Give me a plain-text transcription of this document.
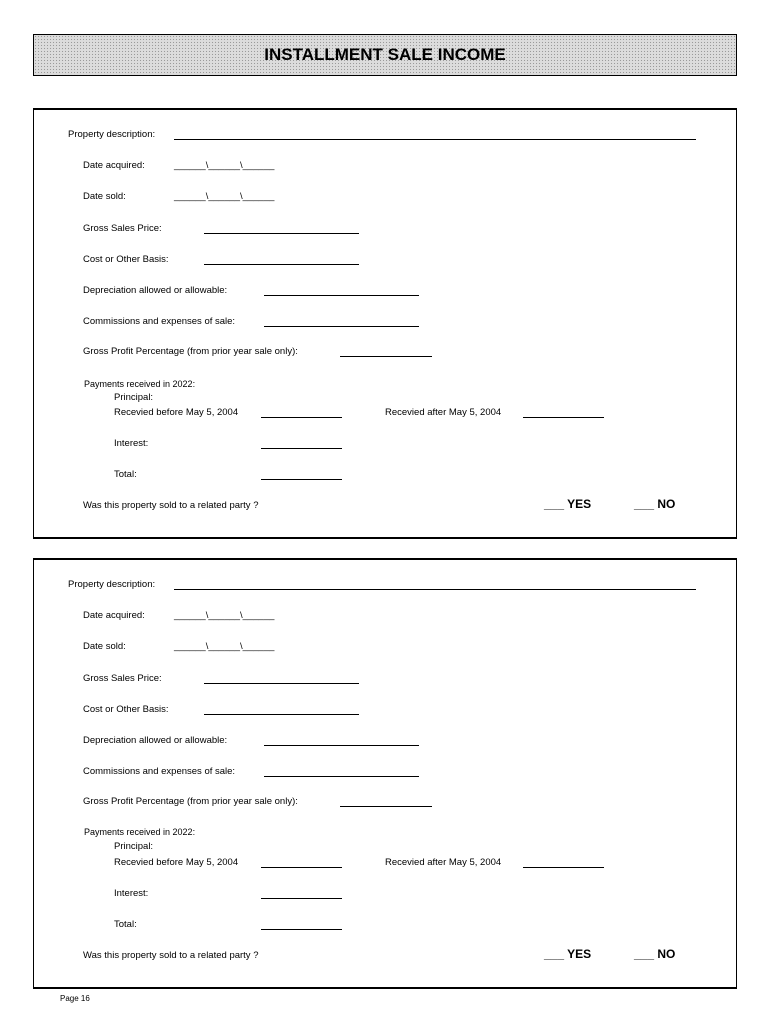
INSTALLMENT SALE INCOME
Property description:
Date acquired:	______\______\______
Date sold:	______\______\______
Gross Sales Price:
Cost or Other Basis:
Depreciation allowed or allowable:
Commissions and expenses of sale:
Gross Profit Percentage (from prior year sale only):
Payments received in 2022:
Principal:
Recevied before May 5, 2004	Recevied after May 5, 2004
Interest:
Total:
Was this property sold to a related party ?	___ YES	___ NO
Property description:
Date acquired:	______\______\______
Date sold:	______\______\______
Gross Sales Price:
Cost or Other Basis:
Depreciation allowed or allowable:
Commissions and expenses of sale:
Gross Profit Percentage (from prior year sale only):
Payments received in 2022:
Principal:
Recevied before May 5, 2004	Recevied after May 5, 2004
Interest:
Total:
Was this property sold to a related party ?	___ YES	___ NO
Page 16
